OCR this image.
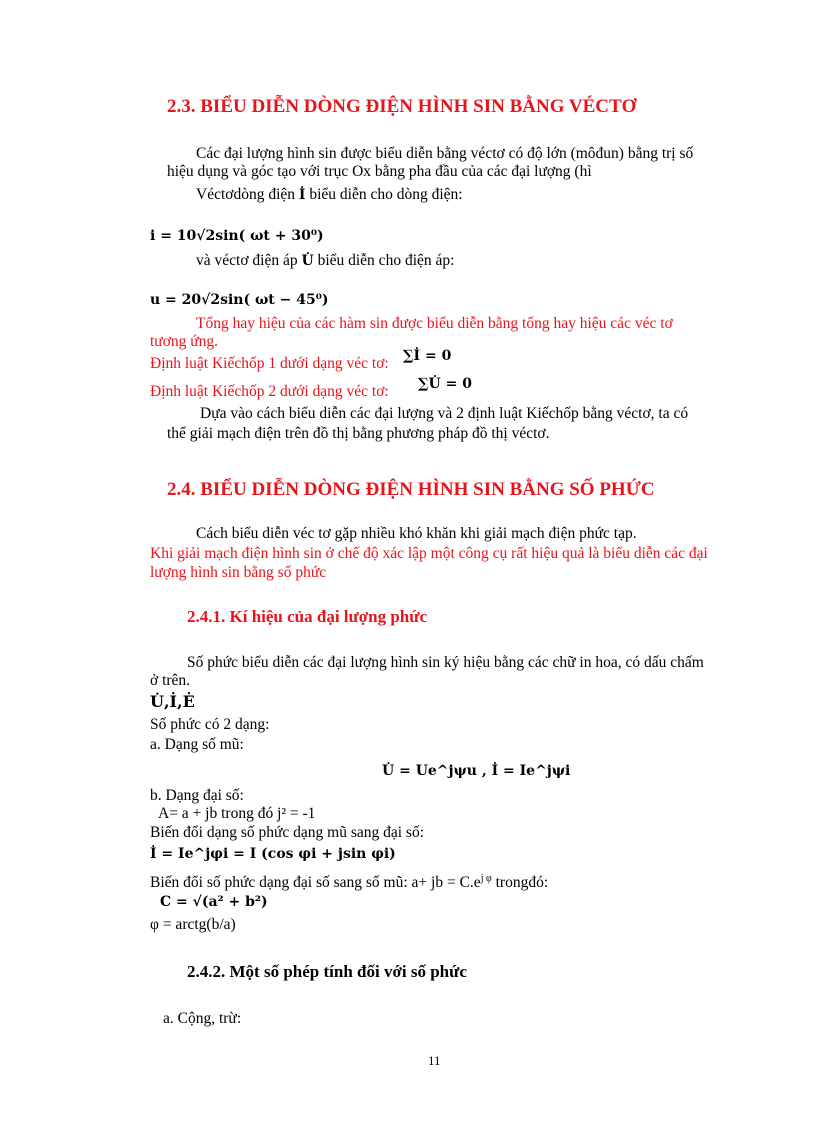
2.3. BIỂU DIỄN DÒNG ĐIỆN HÌNH SIN BẰNG VÉCTƠ
Các đại lượng hình sin được biểu diễn bằng véctơ có độ lớn (môđun) bằng trị số
hiệu dụng và góc tạo với trục Ox bằng pha đầu của các đại lượng (hì
Véctơdòng điện İ biểu diễn cho dòng điện:
i = 10√2sin( ωt + 30⁰)
và véctơ điện áp U̇ biểu diễn cho điện áp:
u = 20√2sin( ωt − 45⁰)
Tổng hay hiệu của các hàm sin được biểu diễn bằng tổng hay hiệu các véc tơ
tương ứng.
Định luật Kiếchốp 1 dưới dạng véc tơ: ∑İ = 0
Định luật Kiếchốp 2 dưới dạng véc tơ: ∑U̇ = 0
Dựa vào cách biểu diễn các đại lượng và 2 định luật Kiếchốp bằng véctơ, ta có
thể giải mạch điện trên đồ thị bằng phương pháp đồ thị véctơ.
2.4. BIỂU DIỄN DÒNG ĐIỆN HÌNH SIN BẰNG SỐ PHỨC
Cách biểu diễn véc tơ gặp nhiều khó khăn khi giải mạch điện phức tạp.
Khi giải mạch điện hình sin ở chế độ xác lập một công cụ rất hiệu quả là biểu diễn các đại
lượng hình sin bằng số phức
2.4.1. Kí hiệu của đại lượng phức
Số phức biểu diễn các đại lượng hình sin ký hiệu bằng các chữ in hoa, có dấu chấm
ở trên.
U̇,İ,Ė
Số phức có 2 dạng:
a. Dạng số mũ:
U̇ = Ue^jψu , İ = Ie^jψi
b. Dạng đại số:
A= a + jb trong đó j² = -1
Biến đổi dạng số phức dạng mũ sang đại số:
İ = Ie^jφi = I (cos φi + jsin φi)
Biến đổi số phức dạng đại số sang số mũ: a+ jb = $C.e^{j \varphi}$ trongđó:
C = √(a² + b²)
φ = arctg(b/a)
2.4.2. Một số phép tính đối với số phức
a. Cộng, trừ:
11
